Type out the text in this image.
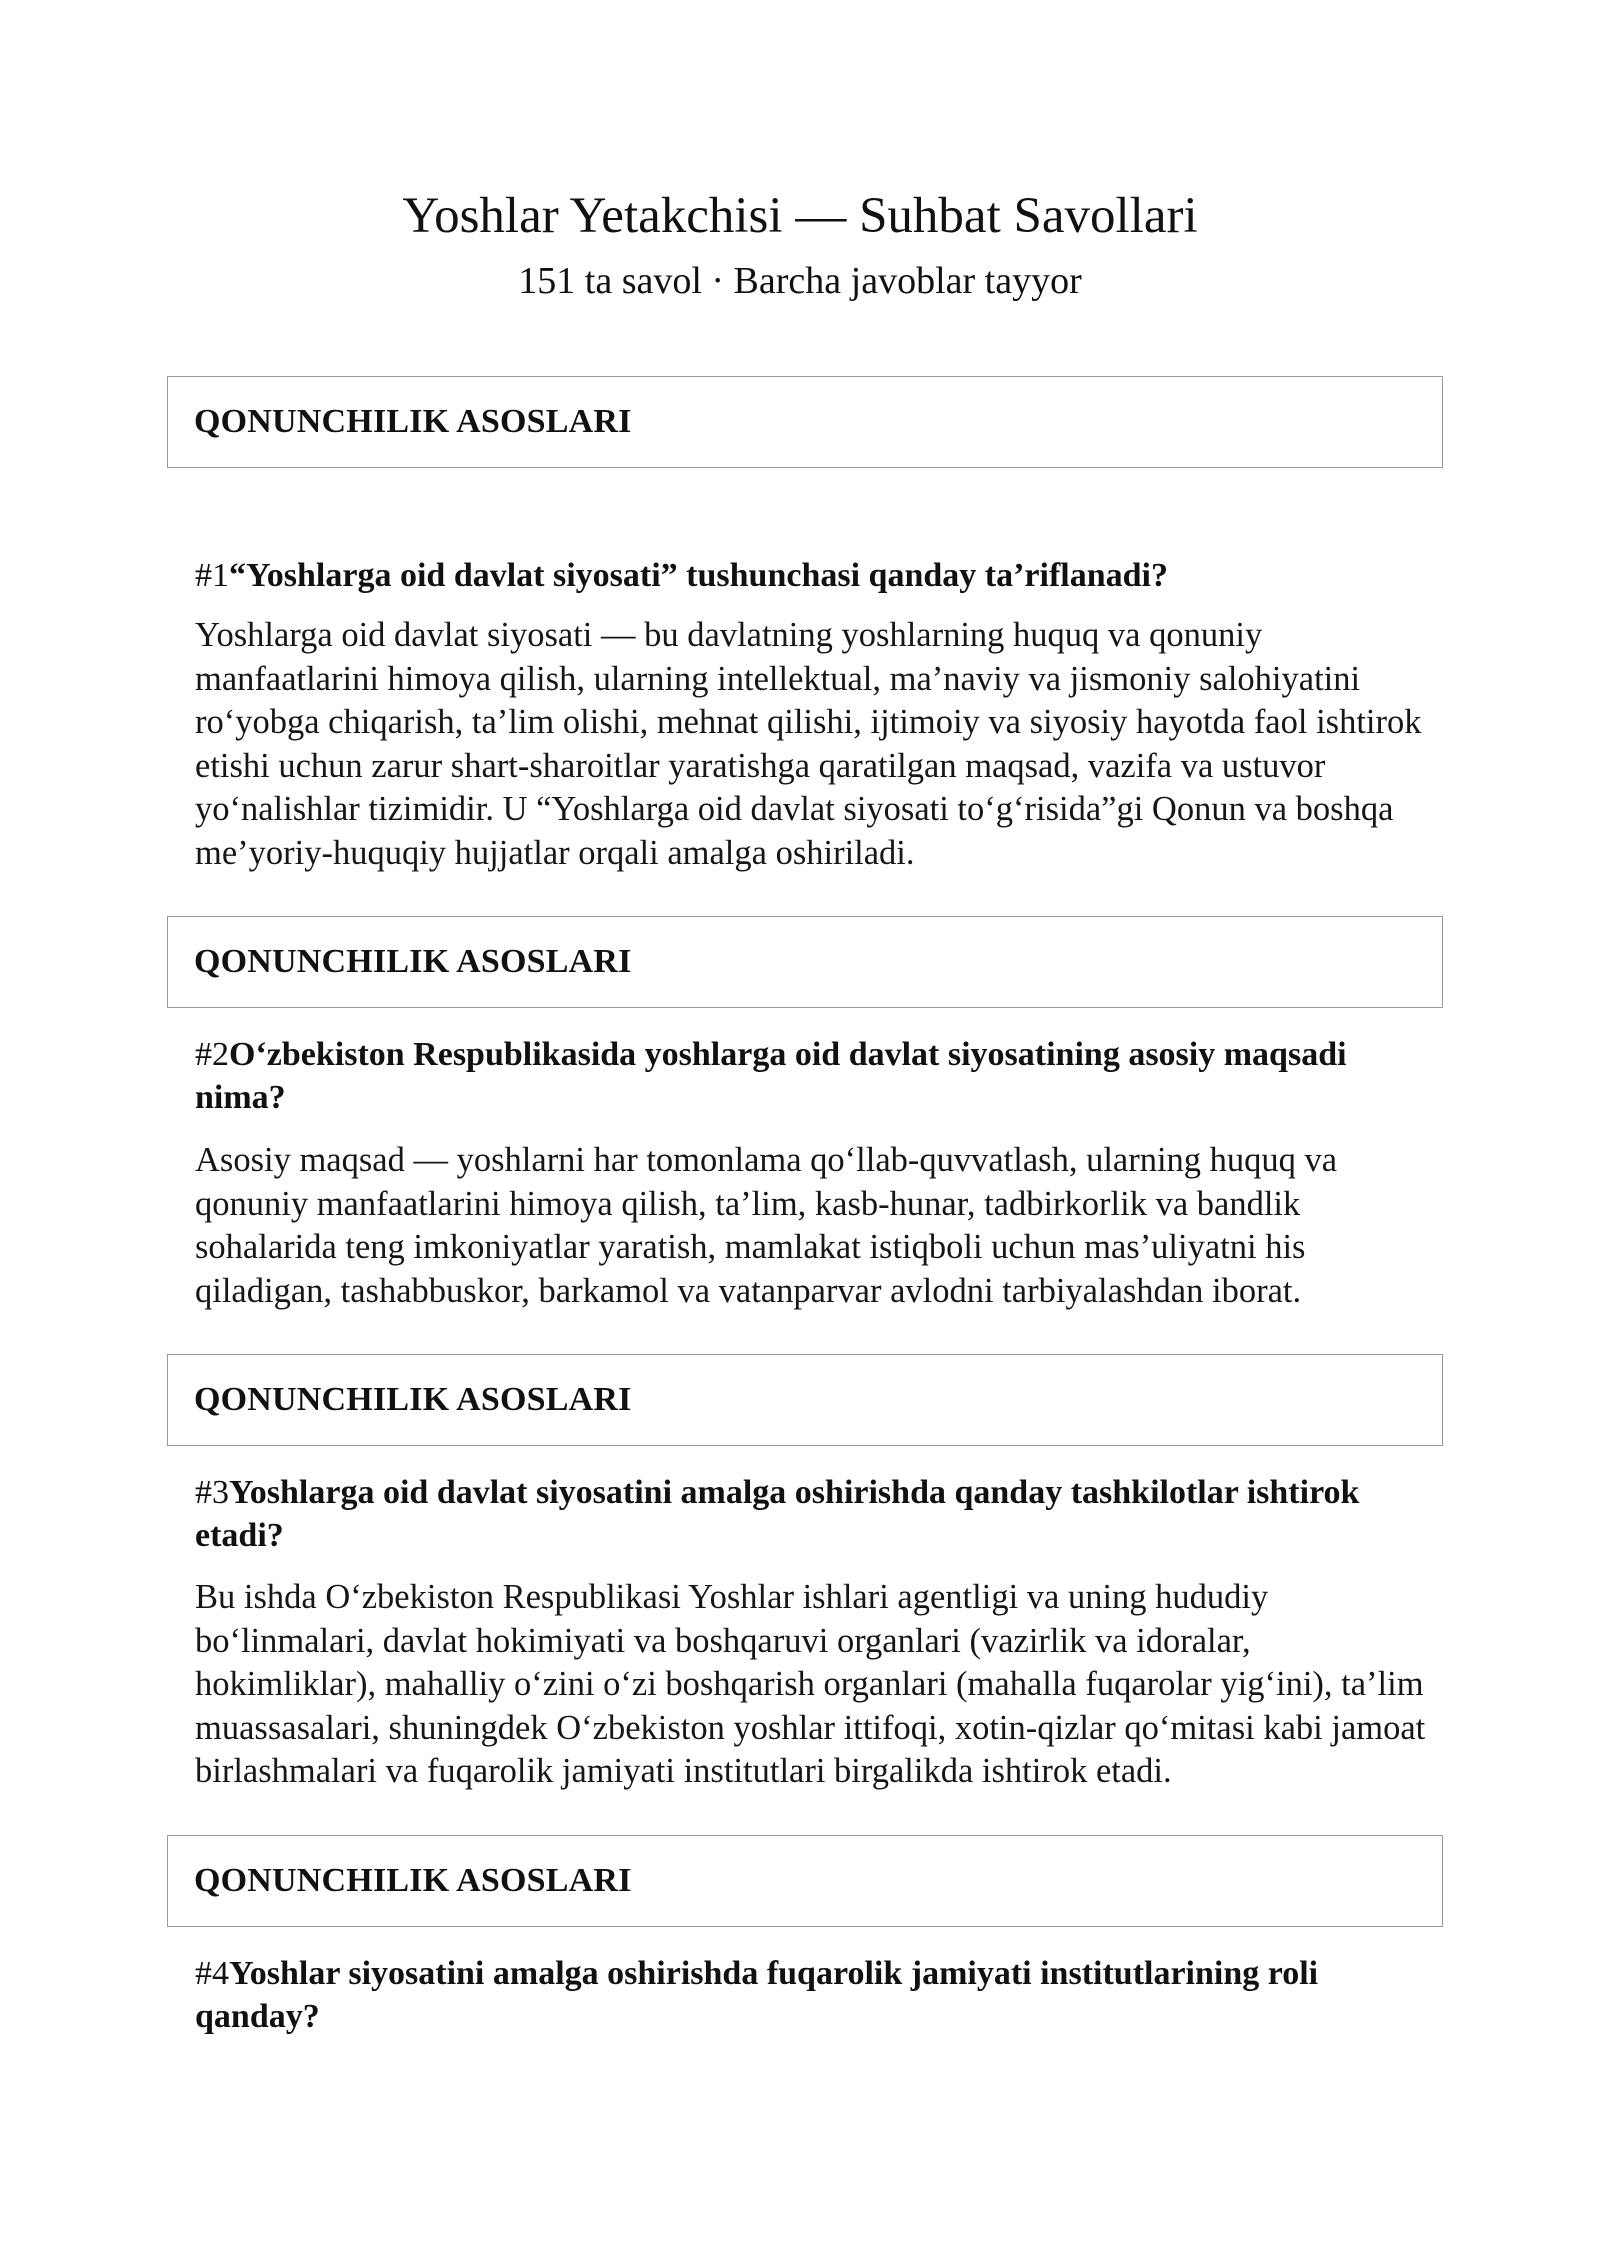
Yoshlar Yetakchisi — Suhbat Savollari
151 ta savol · Barcha javoblar tayyor
QONUNCHILIK ASOSLARI
#1“Yoshlarga oid davlat siyosati” tushunchasi qanday ta’riflanadi?
Yoshlarga oid davlat siyosati — bu davlatning yoshlarning huquq va qonuniy manfaatlarini himoya qilish, ularning intellektual, ma’naviy va jismoniy salohiyatini ro‘yobga chiqarish, ta’lim olishi, mehnat qilishi, ijtimoiy va siyosiy hayotda faol ishtirok etishi uchun zarur shart-sharoitlar yaratishga qaratilgan maqsad, vazifa va ustuvor yo‘nalishlar tizimidir. U “Yoshlarga oid davlat siyosati to‘g‘risida”gi Qonun va boshqa me’yoriy-huquqiy hujjatlar orqali amalga oshiriladi.
QONUNCHILIK ASOSLARI
#2O‘zbekiston Respublikasida yoshlarga oid davlat siyosatining asosiy maqsadi nima?
Asosiy maqsad — yoshlarni har tomonlama qo‘llab-quvvatlash, ularning huquq va qonuniy manfaatlarini himoya qilish, ta’lim, kasb-hunar, tadbirkorlik va bandlik sohalarida teng imkoniyatlar yaratish, mamlakat istiqboli uchun mas’uliyatni his qiladigan, tashabbuskor, barkamol va vatanparvar avlodni tarbiyalashdan iborat.
QONUNCHILIK ASOSLARI
#3Yoshlarga oid davlat siyosatini amalga oshirishda qanday tashkilotlar ishtirok etadi?
Bu ishda O‘zbekiston Respublikasi Yoshlar ishlari agentligi va uning hududiy bo‘linmalari, davlat hokimiyati va boshqaruvi organlari (vazirlik va idoralar, hokimliklar), mahalliy o‘zini o‘zi boshqarish organlari (mahalla fuqarolar yig‘ini), ta’lim muassasalari, shuningdek O‘zbekiston yoshlar ittifoqi, xotin-qizlar qo‘mitasi kabi jamoat birlashmalari va fuqarolik jamiyati institutlari birgalikda ishtirok etadi.
QONUNCHILIK ASOSLARI
#4Yoshlar siyosatini amalga oshirishda fuqarolik jamiyati institutlarining roli qanday?
